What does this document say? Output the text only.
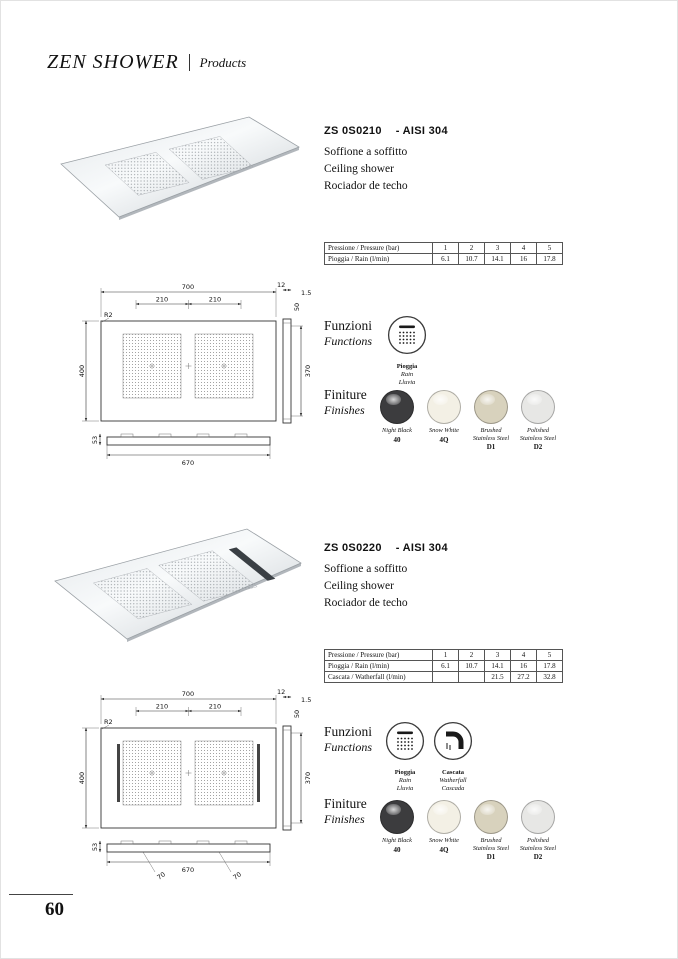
ZEN SHOWER Products
ZS 0S0210 - AISI 304
Soffione a soffitto
Ceiling shower
Rociador de techo
Pressione / Pressure (bar)	1	2	3	4	5
Pioggia / Rain (l/min)	6.1	10.7	14.1	16	17.8
700
210	210
R2
400	370
12
50
1.5
670
53
Funzioni
Functions
Pioggia
Rain
Lluvia
Finiture
Finishes
Night Black
40
Snow White
4Q
Brushed Stainless Steel
D1
Polished Stainless Steel
D2
ZS 0S0220 - AISI 304
Soffione a soffitto
Ceiling shower
Rociador de techo
Pressione / Pressure (bar)	1	2	3	4	5
Pioggia / Rain (l/min)	6.1	10.7	14.1	16	17.8
Cascata / Watherfall (l/min)			21.5	27.2	32.8
700
210	210
R2
400	370
12
50
1.5
670
53
70	70
Funzioni
Functions
Pioggia
Rain
Lluvia
Cascata
Watherfall
Cascada
Finiture
Finishes
Night Black
40
Snow White
4Q
Brushed Stainless Steel
D1
Polished Stainless Steel
D2
60
